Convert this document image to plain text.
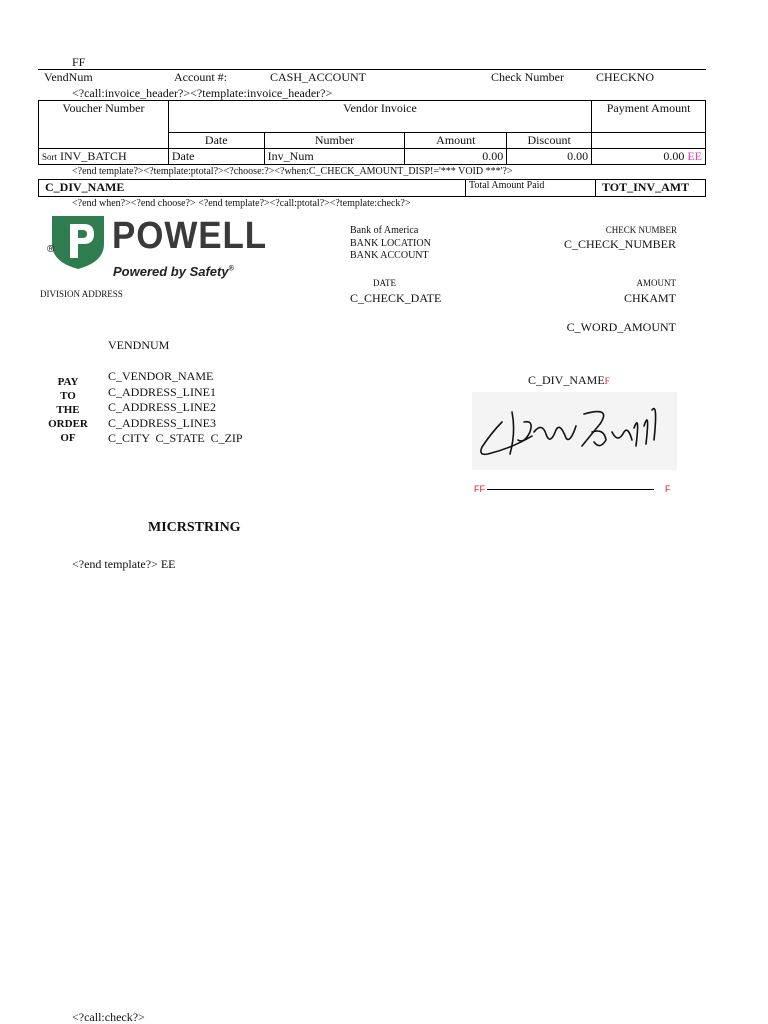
FF
VendNum	Account #:	CASH_ACCOUNT	Check Number	CHECKNO
<?call:invoice_header?><?template:invoice_header?>
Voucher Number	Vendor Invoice				Payment Amount
	Date	Number	Amount	Discount	
Sort INV_BATCH	Date	Inv_Num	0.00	0.00	0.00 EE
<?end template?><?template:ptotal?><?choose:?><?when:C_CHECK_AMOUNT_DISP!='*** VOID ***'?>
C_DIV_NAME	Total Amount Paid	TOT_INV_AMT
<?end when?><?end choose?> <?end template?><?call:ptotal?><?template:check?>
® POWELL
Powered by Safety®
DIVISION ADDRESS
Bank of America
BANK LOCATION
BANK ACCOUNT
CHECK NUMBER
C_CHECK_NUMBER
DATE
C_CHECK_DATE
AMOUNT
CHKAMT
C_WORD_AMOUNT
VENDNUM
PAY
TO
THE
ORDER
OF
C_VENDOR_NAME
C_ADDRESS_LINE1
C_ADDRESS_LINE2
C_ADDRESS_LINE3
C_CITY  C_STATE  C_ZIP
C_DIV_NAMEF
FF	F
MICRSTRING
<?end template?> EE
<?call:check?>
